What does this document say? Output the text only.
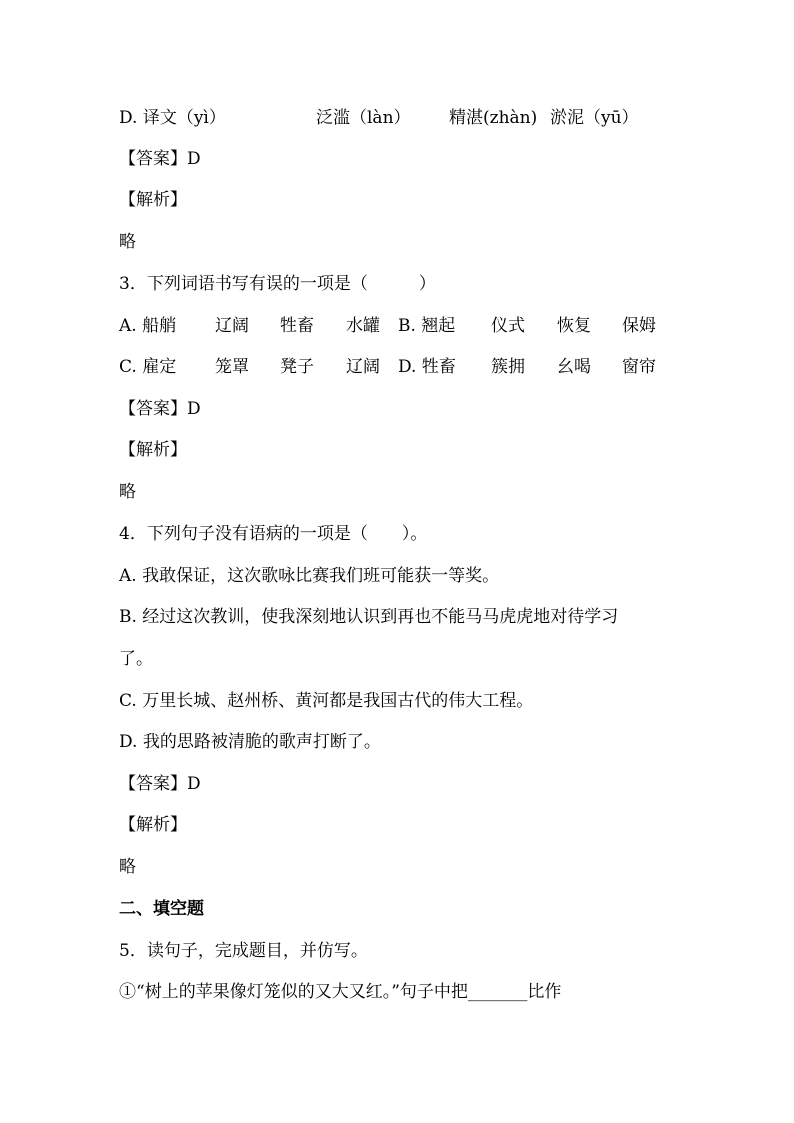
D. 译文（yì）	泛滥（làn） 精湛(zhàn) 淤泥（yū）
【答案】D
【解析】
略
3．下列词语书写有误的一项是（　　　）
A. 船艄 辽阔 牲畜 水罐 B. 翘起 仪式 恢复 保姆
C. 雇定 笼罩 凳子 辽阔 D. 牲畜 簇拥 幺喝 窗帘
【答案】D
【解析】
略
4．下列句子没有语病的一项是（　　）。
A. 我敢保证，这次歌咏比赛我们班可能获一等奖。
B. 经过这次教训，使我深刻地认识到再也不能马马虎虎地对待学习
了。
C. 万里长城、赵州桥、黄河都是我国古代的伟大工程。
D. 我的思路被清脆的歌声打断了。
【答案】D
【解析】
略
二、填空题
5．读句子，完成题目，并仿写。
①“树上的苹果像灯笼似的又大又红。”句子中把_______比作
